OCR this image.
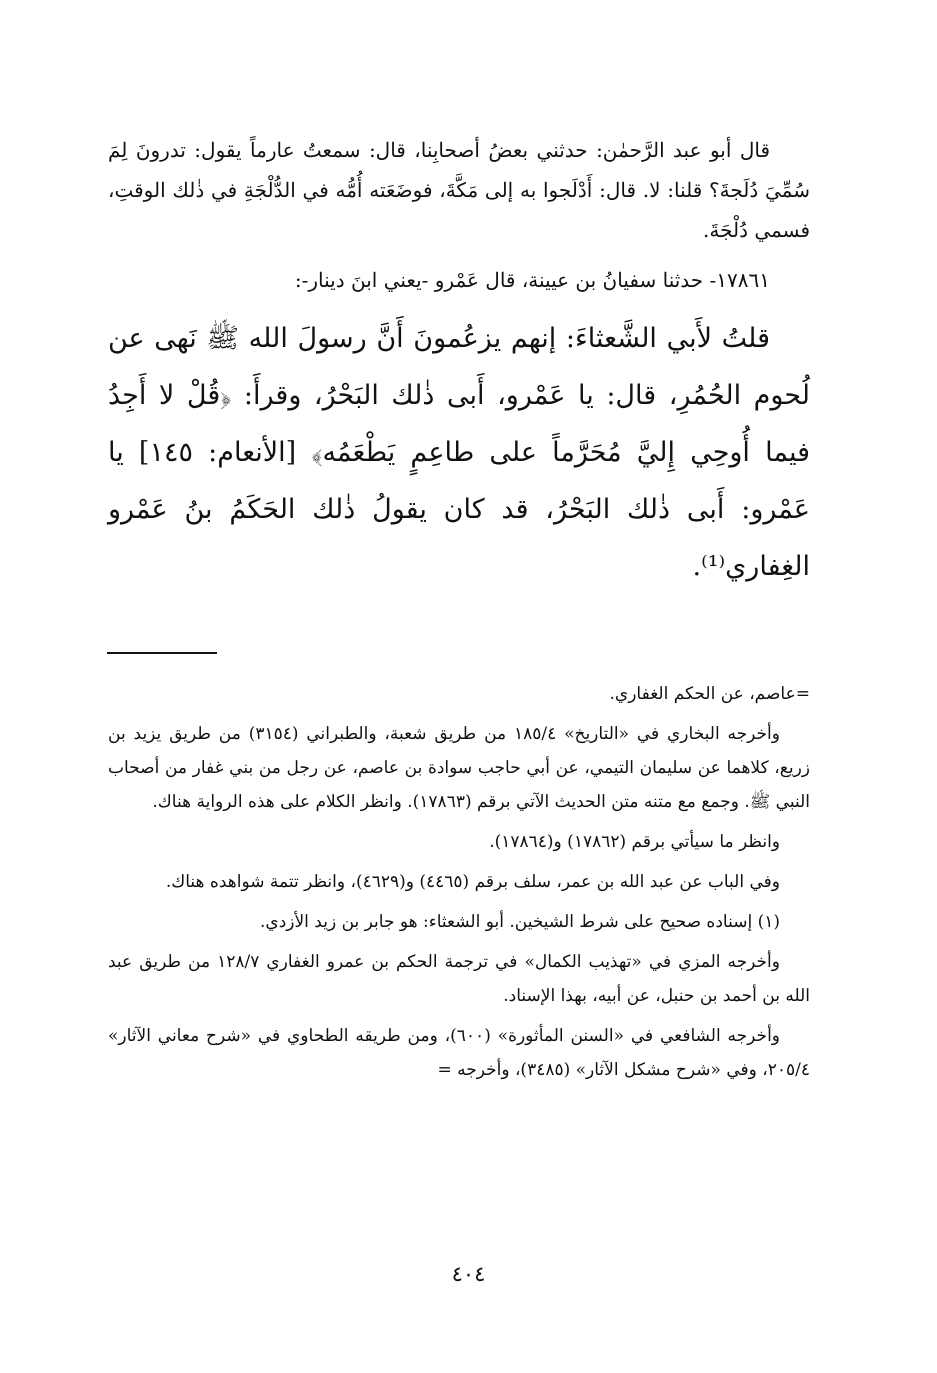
قال أبو عبد الرَّحمٰن: حدثني بعضُ أصحابِنا، قال: سمعتُ عارماً يقول: تدرونَ لِمَ سُمِّيَ دُلَجةَ؟ قلنا: لا. قال: أَدْلَجوا به إلى مَكَّةَ، فوضَعَته أُمُّه في الدُّلْجَةِ في ذٰلك الوقتِ، فسمي دُلْجَةَ.

١٧٨٦١- حدثنا سفيانُ بن عيينة، قال عَمْرو -يعني ابنَ دينار-:

قلتُ لأَبي الشَّعثاءَ: إنهم يزعُمونَ أَنَّ رسولَ الله ﷺ نَهى عن لُحوم الحُمُرِ، قال: يا عَمْرو، أَبى ذٰلك البَحْرُ، وقرأَ: ﴿قُلْ لا أَجِدُ فيما أُوحِي إِليَّ مُحَرَّماً على طاعِمٍ يَطْعَمُه﴾ [الأنعام: ١٤٥] يا عَمْرو: أَبى ذٰلك البَحْرُ، قد كان يقولُ ذٰلك الحَكَمُ بنُ عَمْرو الغِفاري⁽¹⁾.

=عاصم، عن الحكم الغفاري.

وأخرجه البخاري في «التاريخ» ١٨٥/٤ من طريق شعبة، والطبراني (٣١٥٤) من طريق يزيد بن زريع، كلاهما عن سليمان التيمي، عن أبي حاجب سوادة بن عاصم، عن رجل من بني غفار من أصحاب النبي ﷺ. وجمع مع متنه متن الحديث الآتي برقم (١٧٨٦٣). وانظر الكلام على هذه الرواية هناك.

وانظر ما سيأتي برقم (١٧٨٦٢) و(١٧٨٦٤).

وفي الباب عن عبد الله بن عمر، سلف برقم (٤٤٦٥) و(٤٦٢٩)، وانظر تتمة شواهده هناك.

(١) إسناده صحيح على شرط الشيخين. أبو الشعثاء: هو جابر بن زيد الأزدي.

وأخرجه المزي في «تهذيب الكمال» في ترجمة الحكم بن عمرو الغفاري ١٢٨/٧ من طريق عبد الله بن أحمد بن حنبل، عن أبيه، بهذا الإسناد.

وأخرجه الشافعي في «السنن المأثورة» (٦٠٠)، ومن طريقه الطحاوي في «شرح معاني الآثار» ٢٠٥/٤، وفي «شرح مشكل الآثار» (٣٤٨٥)، وأخرجه =

٤٠٤
